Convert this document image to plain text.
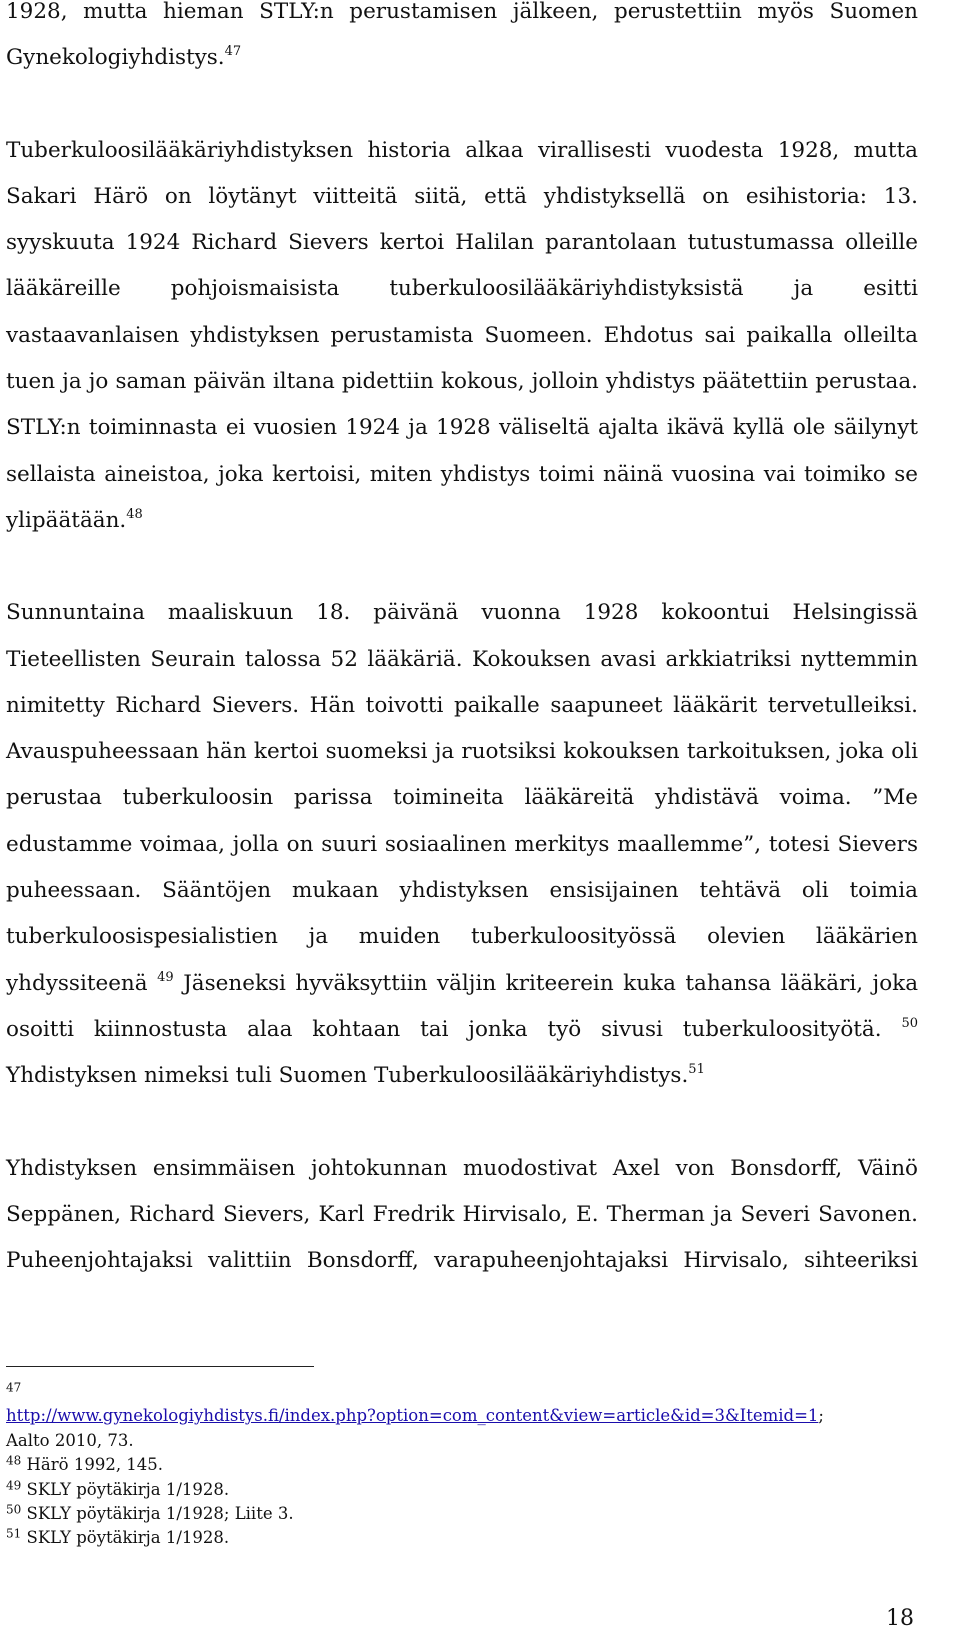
1928, mutta hieman STLY:n perustamisen jälkeen, perustettiin myös Suomen
Gynekologiyhdistys.$^{47}$

Tuberkuloosilääkäriyhdistyksen historia alkaa virallisesti vuodesta 1928, mutta Sakari Härö on löytänyt viitteitä siitä, että yhdistyksellä on esihistoria: 13. syyskuuta 1924 Richard Sievers kertoi Halilan parantolaan tutustumassa olleille lääkäreille pohjoismaisista tuberkuloosilääkäriyhdistyksistä ja esitti vastaavanlaisen yhdistyksen perustamista Suomeen. Ehdotus sai paikalla olleilta tuen ja jo saman päivän iltana pidettiin kokous, jolloin yhdistys päätettiin perustaa. STLY:n toiminnasta ei vuosien 1924 ja 1928 väliseltä ajalta ikävä kyllä ole säilynyt sellaista aineistoa, joka kertoisi, miten yhdistys toimi näinä vuosina vai toimiko se ylipäätään.$^{48}$

Sunnuntaina maaliskuun 18. päivänä vuonna 1928 kokoontui Helsingissä Tieteellisten Seurain talossa 52 lääkäriä. Kokouksen avasi arkkiatriksi nyttemmin nimitetty Richard Sievers. Hän toivotti paikalle saapuneet lääkärit tervetulleiksi. Avauspuheessaan hän kertoi suomeksi ja ruotsiksi kokouksen tarkoituksen, joka oli perustaa tuberkuloosin parissa toimineita lääkäreitä yhdistävä voima. ”Me edustamme voimaa, jolla on suuri sosiaalinen merkitys maallemme”, totesi Sievers puheessaan. Sääntöjen mukaan yhdistyksen ensisijainen tehtävä oli toimia tuberkuloosispesialistien ja muiden tuberkuloosityössä olevien lääkärien yhdyssiteenä $^{49}$ Jäseneksi hyväksyttiin väljin kriteerein kuka tahansa lääkäri, joka osoitti kiinnostusta alaa kohtaan tai jonka työ sivusi tuberkuloosityötä. $^{50}$ Yhdistyksen nimeksi tuli Suomen Tuberkuloosilääkäriyhdistys.$^{51}$

Yhdistyksen ensimmäisen johtokunnan muodostivat Axel von Bonsdorff, Väinö Seppänen, Richard Sievers, Karl Fredrik Hirvisalo, E. Therman ja Severi Savonen. Puheenjohtajaksi valittiin Bonsdorff, varapuheenjohtajaksi Hirvisalo, sihteeriksi

$^{47}$
http://www.gynekologiyhdistys.fi/index.php?option=com_content&view=article&id=3&Itemid=1;
Aalto 2010, 73.
$^{48}$ Härö 1992, 145.
$^{49}$ SKLY pöytäkirja 1/1928.
$^{50}$ SKLY pöytäkirja 1/1928; Liite 3.
$^{51}$ SKLY pöytäkirja 1/1928.
18
